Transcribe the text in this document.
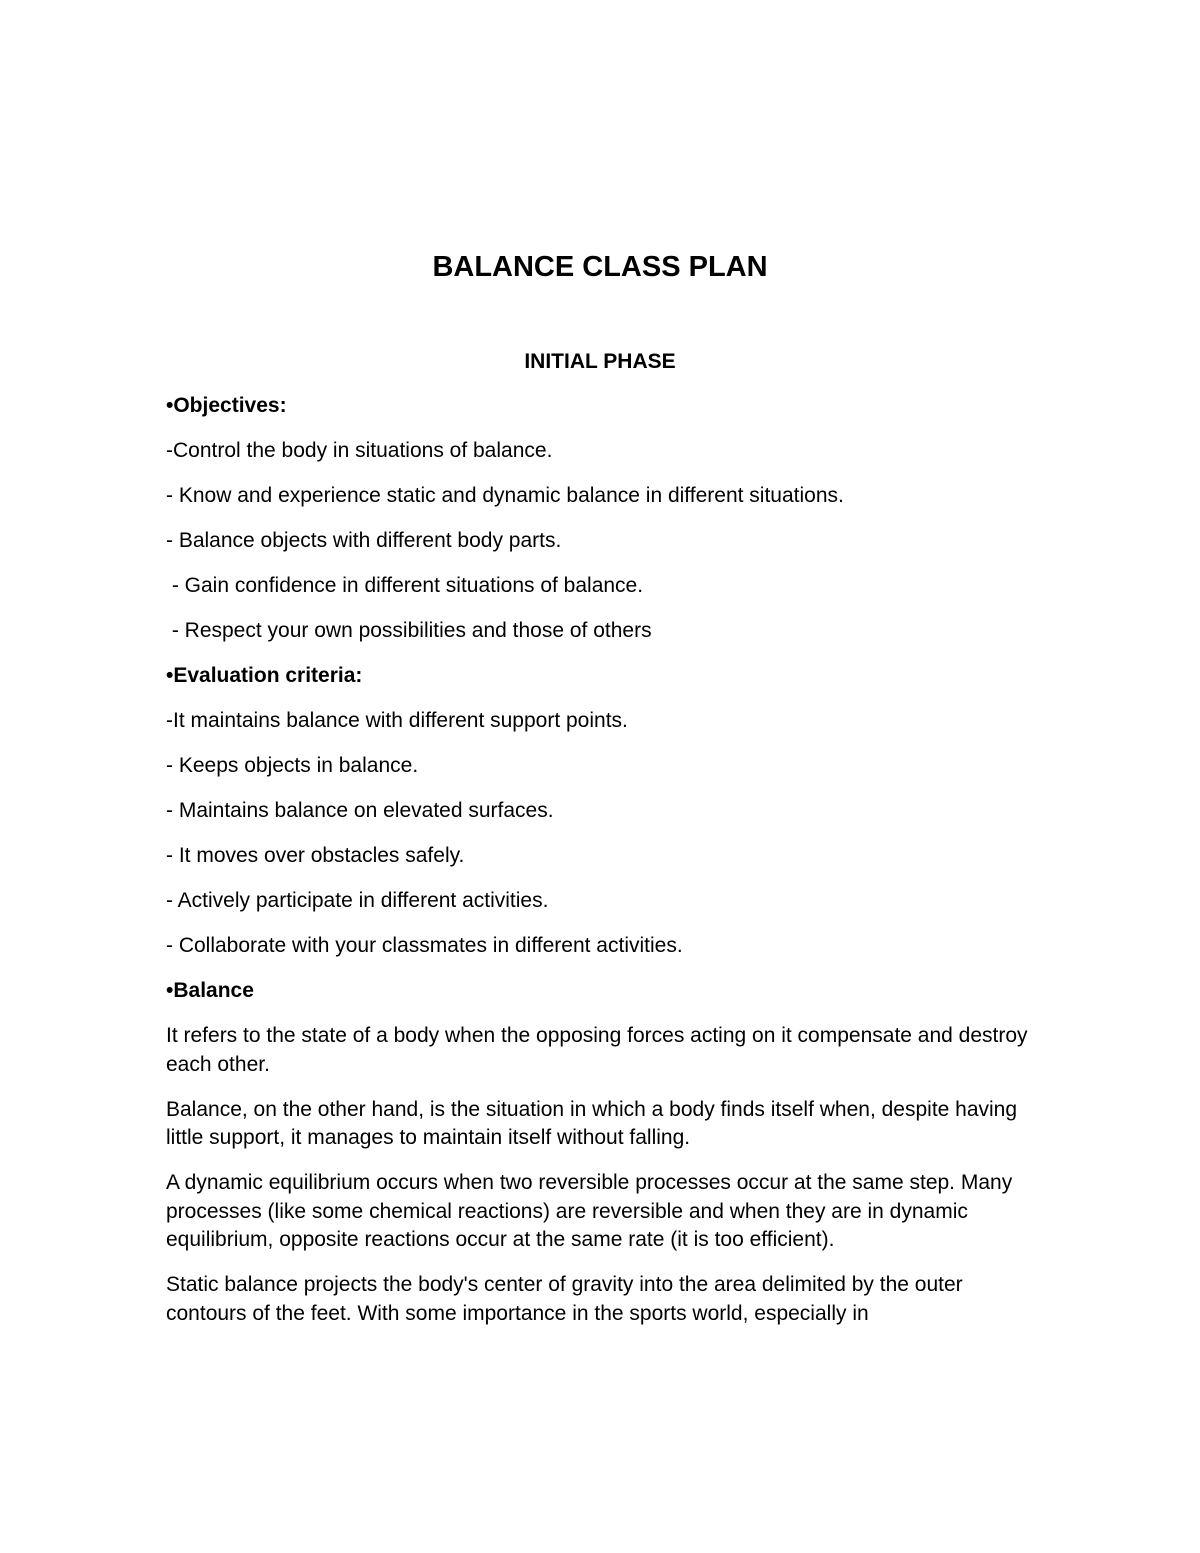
BALANCE CLASS PLAN
INITIAL PHASE
•Objectives:
-Control the body in situations of balance.
- Know and experience static and dynamic balance in different situations.
- Balance objects with different body parts.
- Gain confidence in different situations of balance.
- Respect your own possibilities and those of others
•Evaluation criteria:
-It maintains balance with different support points.
- Keeps objects in balance.
- Maintains balance on elevated surfaces.
- It moves over obstacles safely.
- Actively participate in different activities.
- Collaborate with your classmates in different activities.
•Balance

It refers to the state of a body when the opposing forces acting on it compensate and destroy each other.

Balance, on the other hand, is the situation in which a body finds itself when, despite having little support, it manages to maintain itself without falling.

A dynamic equilibrium occurs when two reversible processes occur at the same step. Many processes (like some chemical reactions) are reversible and when they are in dynamic equilibrium, opposite reactions occur at the same rate (it is too efficient).

Static balance projects the body's center of gravity into the area delimited by the outer contours of the feet. With some importance in the sports world, especially in
